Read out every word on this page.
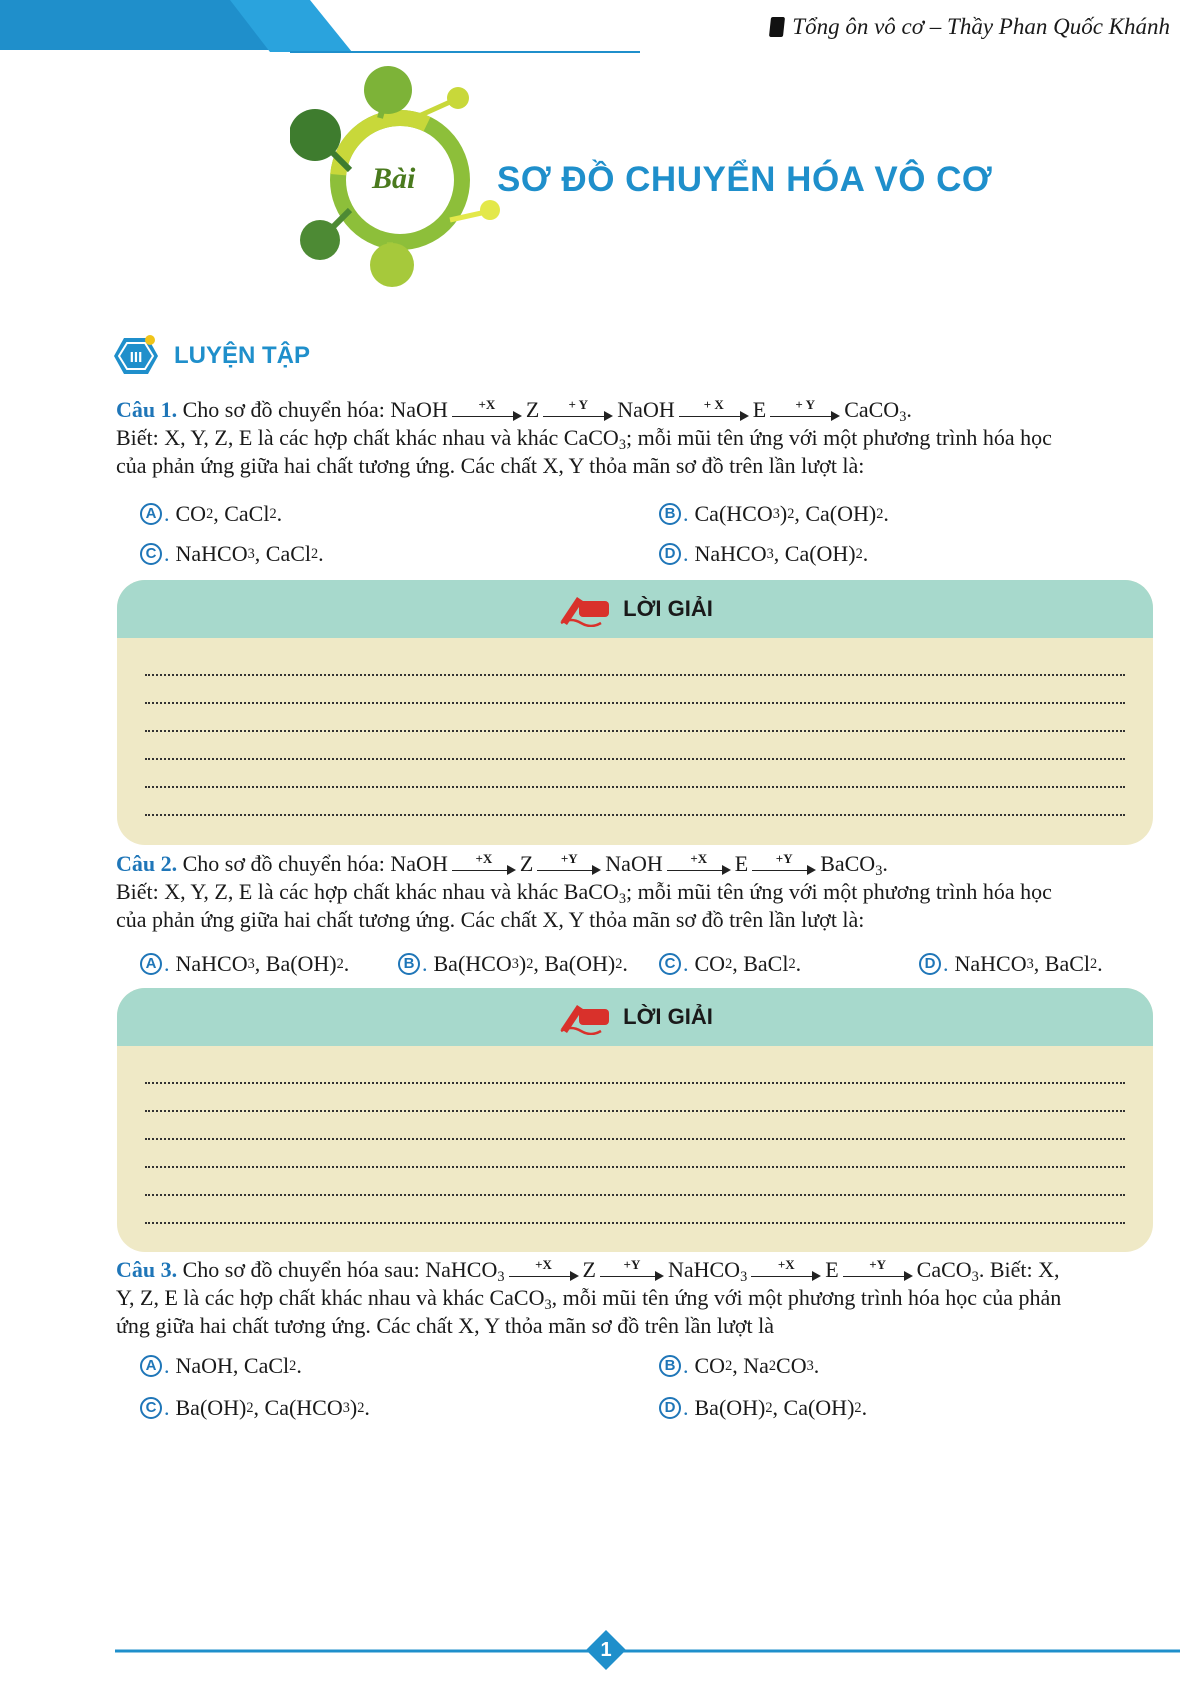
Tổng ôn vô cơ – Thầy Phan Quốc Khánh
Bài SƠ ĐỒ CHUYỂN HÓA VÔ CƠ
III LUYỆN TẬP
Câu 1. Cho sơ đồ chuyển hóa: NaOH	+X	Z	+ Y	NaOH	+ X	E	+ Y	CaCO$_3$.
Biết: X, Y, Z, E là các hợp chất khác nhau và khác CaCO$_3$; mỗi mũi tên ứng với một phương trình hóa học
của phản ứng giữa hai chất tương ứng. Các chất X, Y thỏa mãn sơ đồ trên lần lượt là:
A . CO 2 , CaCl 2 .	B . Ca(HCO 3 ) 2 , Ca(OH) 2 .
C . NaHCO 3 , CaCl 2 .	D . NaHCO 3 , Ca(OH) 2 .
LỜI GIẢI
Câu 2. Cho sơ đồ chuyển hóa: NaOH	+X	Z	+Y	NaOH	+X	E	+Y	BaCO$_3$.
Biết: X, Y, Z, E là các hợp chất khác nhau và khác BaCO$_3$; mỗi mũi tên ứng với một phương trình hóa học
của phản ứng giữa hai chất tương ứng. Các chất X, Y thỏa mãn sơ đồ trên lần lượt là:
A . NaHCO 3 , Ba(OH) 2 .	B . Ba(HCO 3 ) 2 , Ba(OH) 2 .	C . CO 2 , BaCl 2 .	D . NaHCO 3 , BaCl 2 .
LỜI GIẢI
Câu 3. Cho sơ đồ chuyển hóa sau: NaHCO$_3$
+X	Z	+Y	NaHCO$_3$
+X	E	+Y	CaCO$_3$. Biết: X,
Y, Z, E là các hợp chất khác nhau và khác CaCO$_3$, mỗi mũi tên ứng với một phương trình hóa học của phản
ứng giữa hai chất tương ứng. Các chất X, Y thỏa mãn sơ đồ trên lần lượt là
A . NaOH, CaCl 2 .	B . CO 2 , Na 2 CO 3 .
C . Ba(OH) 2 , Ca(HCO 3 ) 2 .	D . Ba(OH) 2 , Ca(OH) 2 .
1
